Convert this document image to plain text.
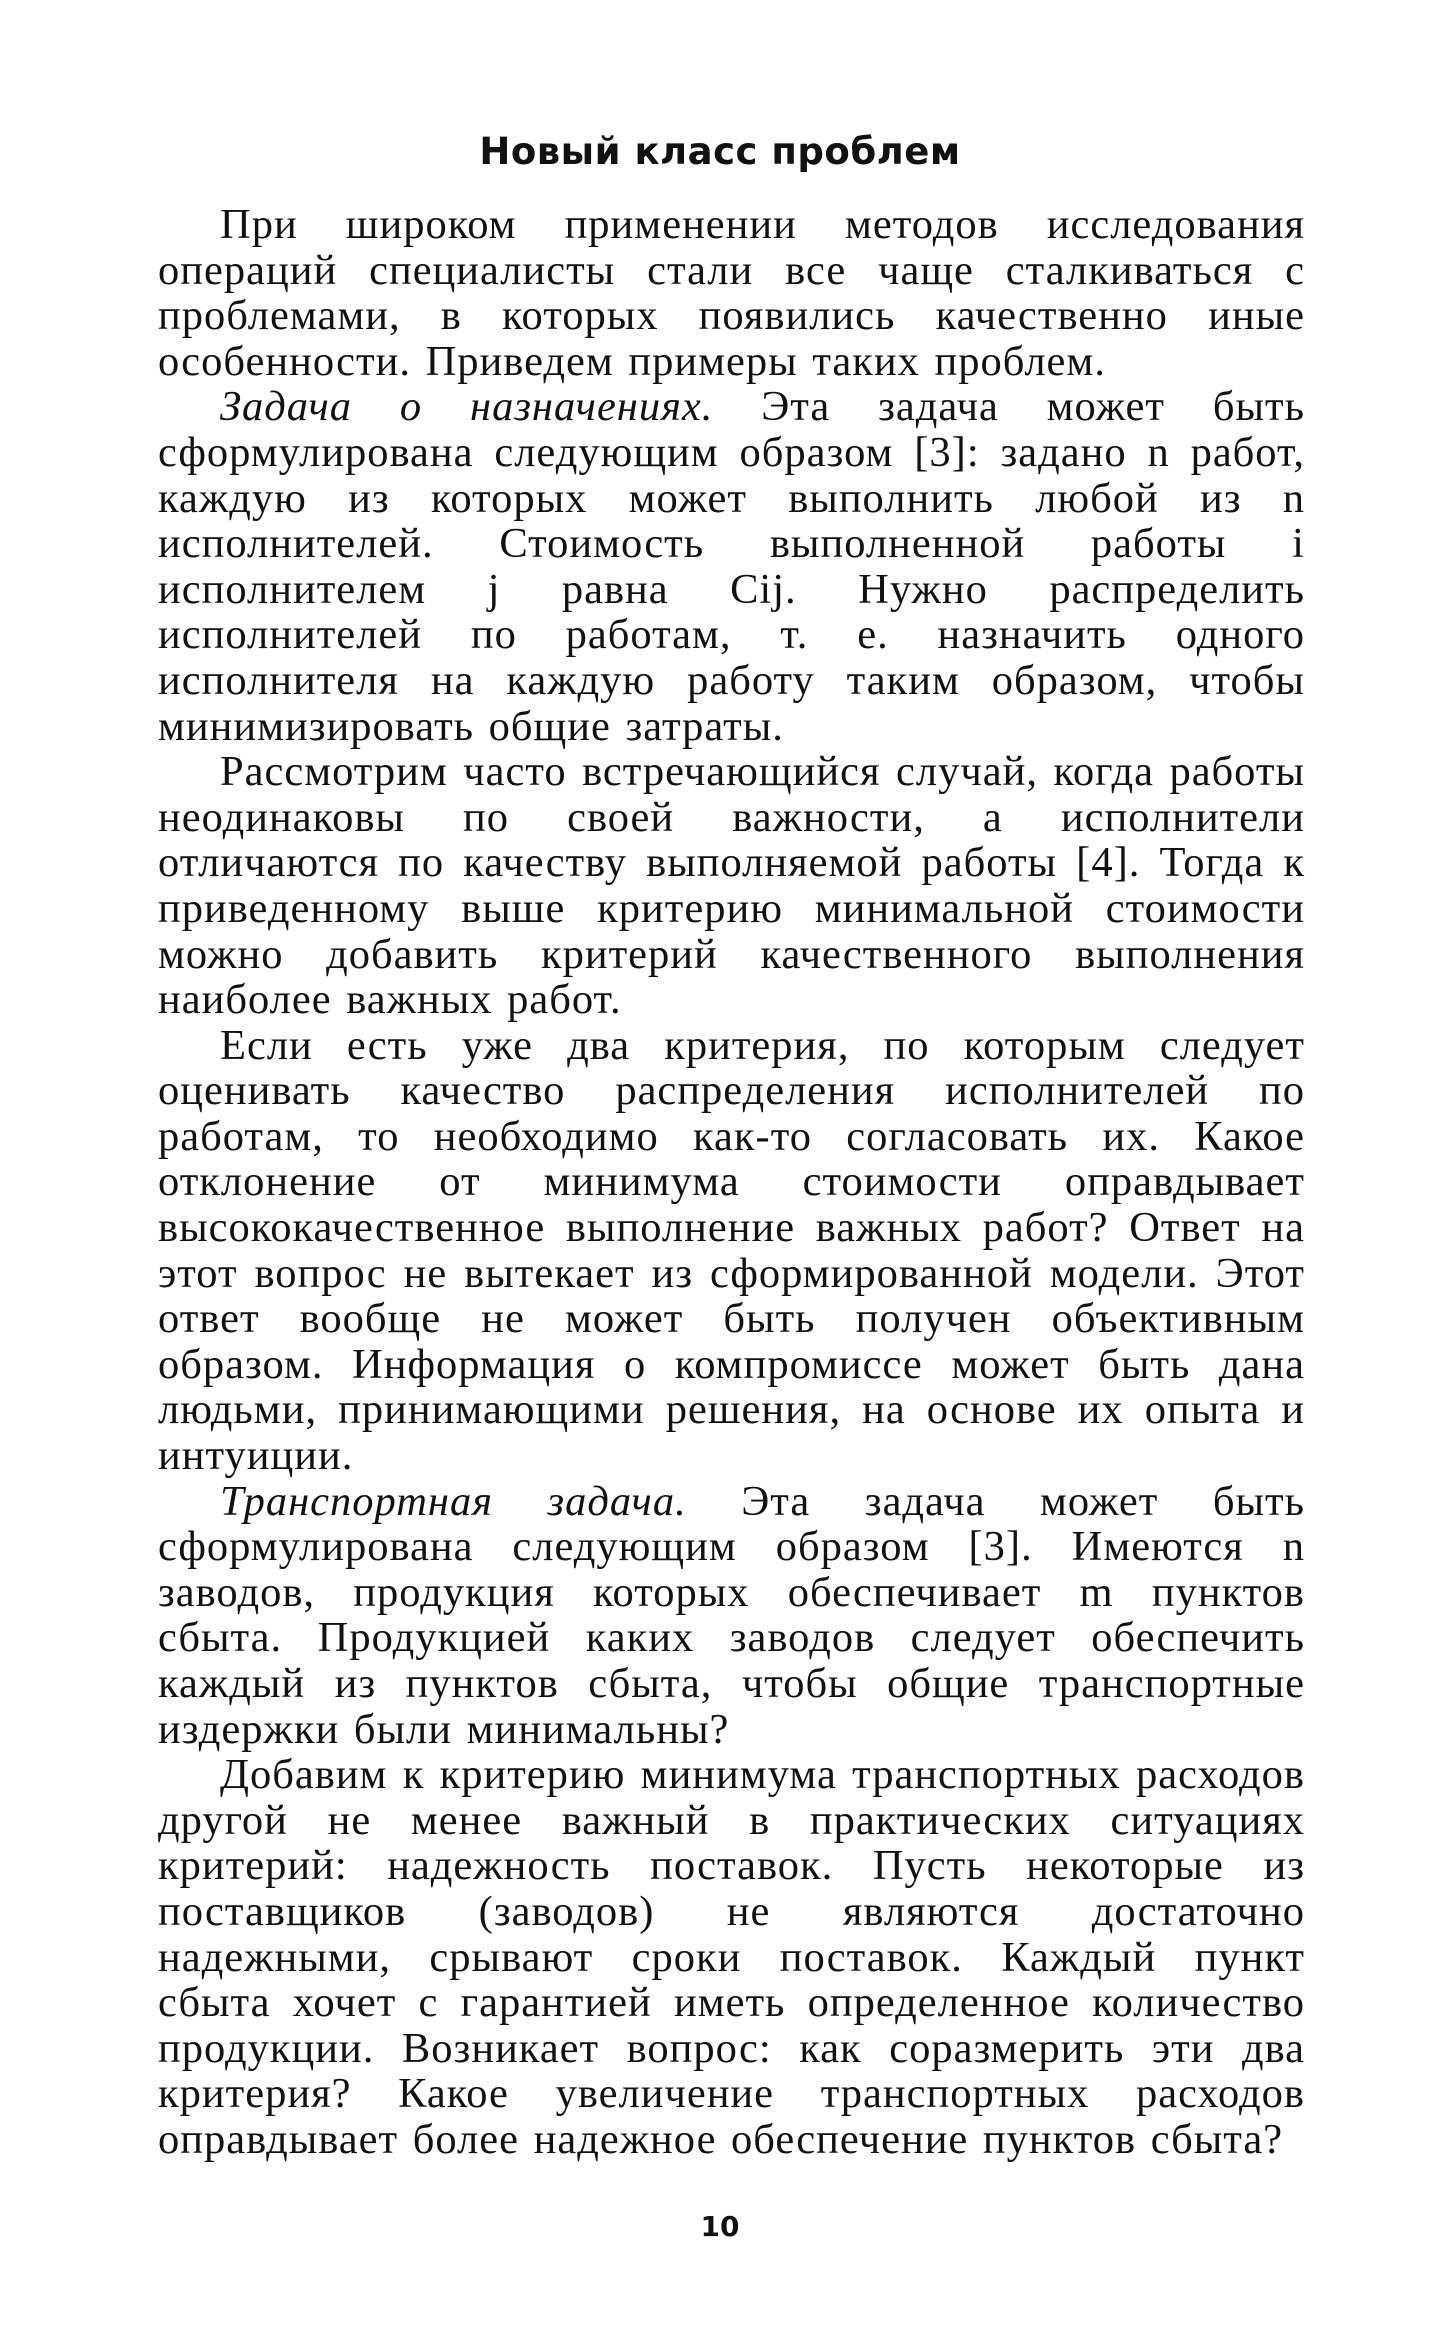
Новый класс проблем

При широком применении методов исследования операций специалисты стали все чаще сталкиваться с проблемами, в которых появились качественно иные особенности. Приведем примеры таких проблем.

Задача о назначениях. Эта задача может быть сформулирована следующим образом [3]: задано n работ, каждую из которых может выполнить любой из n исполнителей. Стоимость выполненной работы i исполнителем j равна Cij. Нужно распределить исполнителей по работам, т. е. назначить одного исполнителя на каждую работу таким образом, чтобы минимизировать общие затраты.

Рассмотрим часто встречающийся случай, когда работы неодинаковы по своей важности, а исполнители отличаются по качеству выполняемой работы [4]. Тогда к приведенному выше критерию минимальной стоимости можно добавить критерий качественного выполнения наиболее важных работ.

Если есть уже два критерия, по которым следует оценивать качество распределения исполнителей по работам, то необходимо как-то согласовать их. Какое отклонение от минимума стоимости оправдывает высококачественное выполнение важных работ? Ответ на этот вопрос не вытекает из сформированной модели. Этот ответ вообще не может быть получен объективным образом. Информация о компромиссе может быть дана людьми, принимающими решения, на основе их опыта и интуиции.

Транспортная задача. Эта задача может быть сформулирована следующим образом [3]. Имеются n заводов, продукция которых обеспечивает m пунктов сбыта. Продукцией каких заводов следует обеспечить каждый из пунктов сбыта, чтобы общие транспортные издержки были минимальны?

Добавим к критерию минимума транспортных расходов другой не менее важный в практических ситуациях критерий: надежность поставок. Пусть некоторые из поставщиков (заводов) не являются достаточно надежными, срывают сроки поставок. Каждый пункт сбыта хочет с гарантией иметь определенное количество продукции. Возникает вопрос: как соразмерить эти два критерия? Какое увеличение транспортных расходов оправдывает более надежное обеспечение пунктов сбыта?

10
